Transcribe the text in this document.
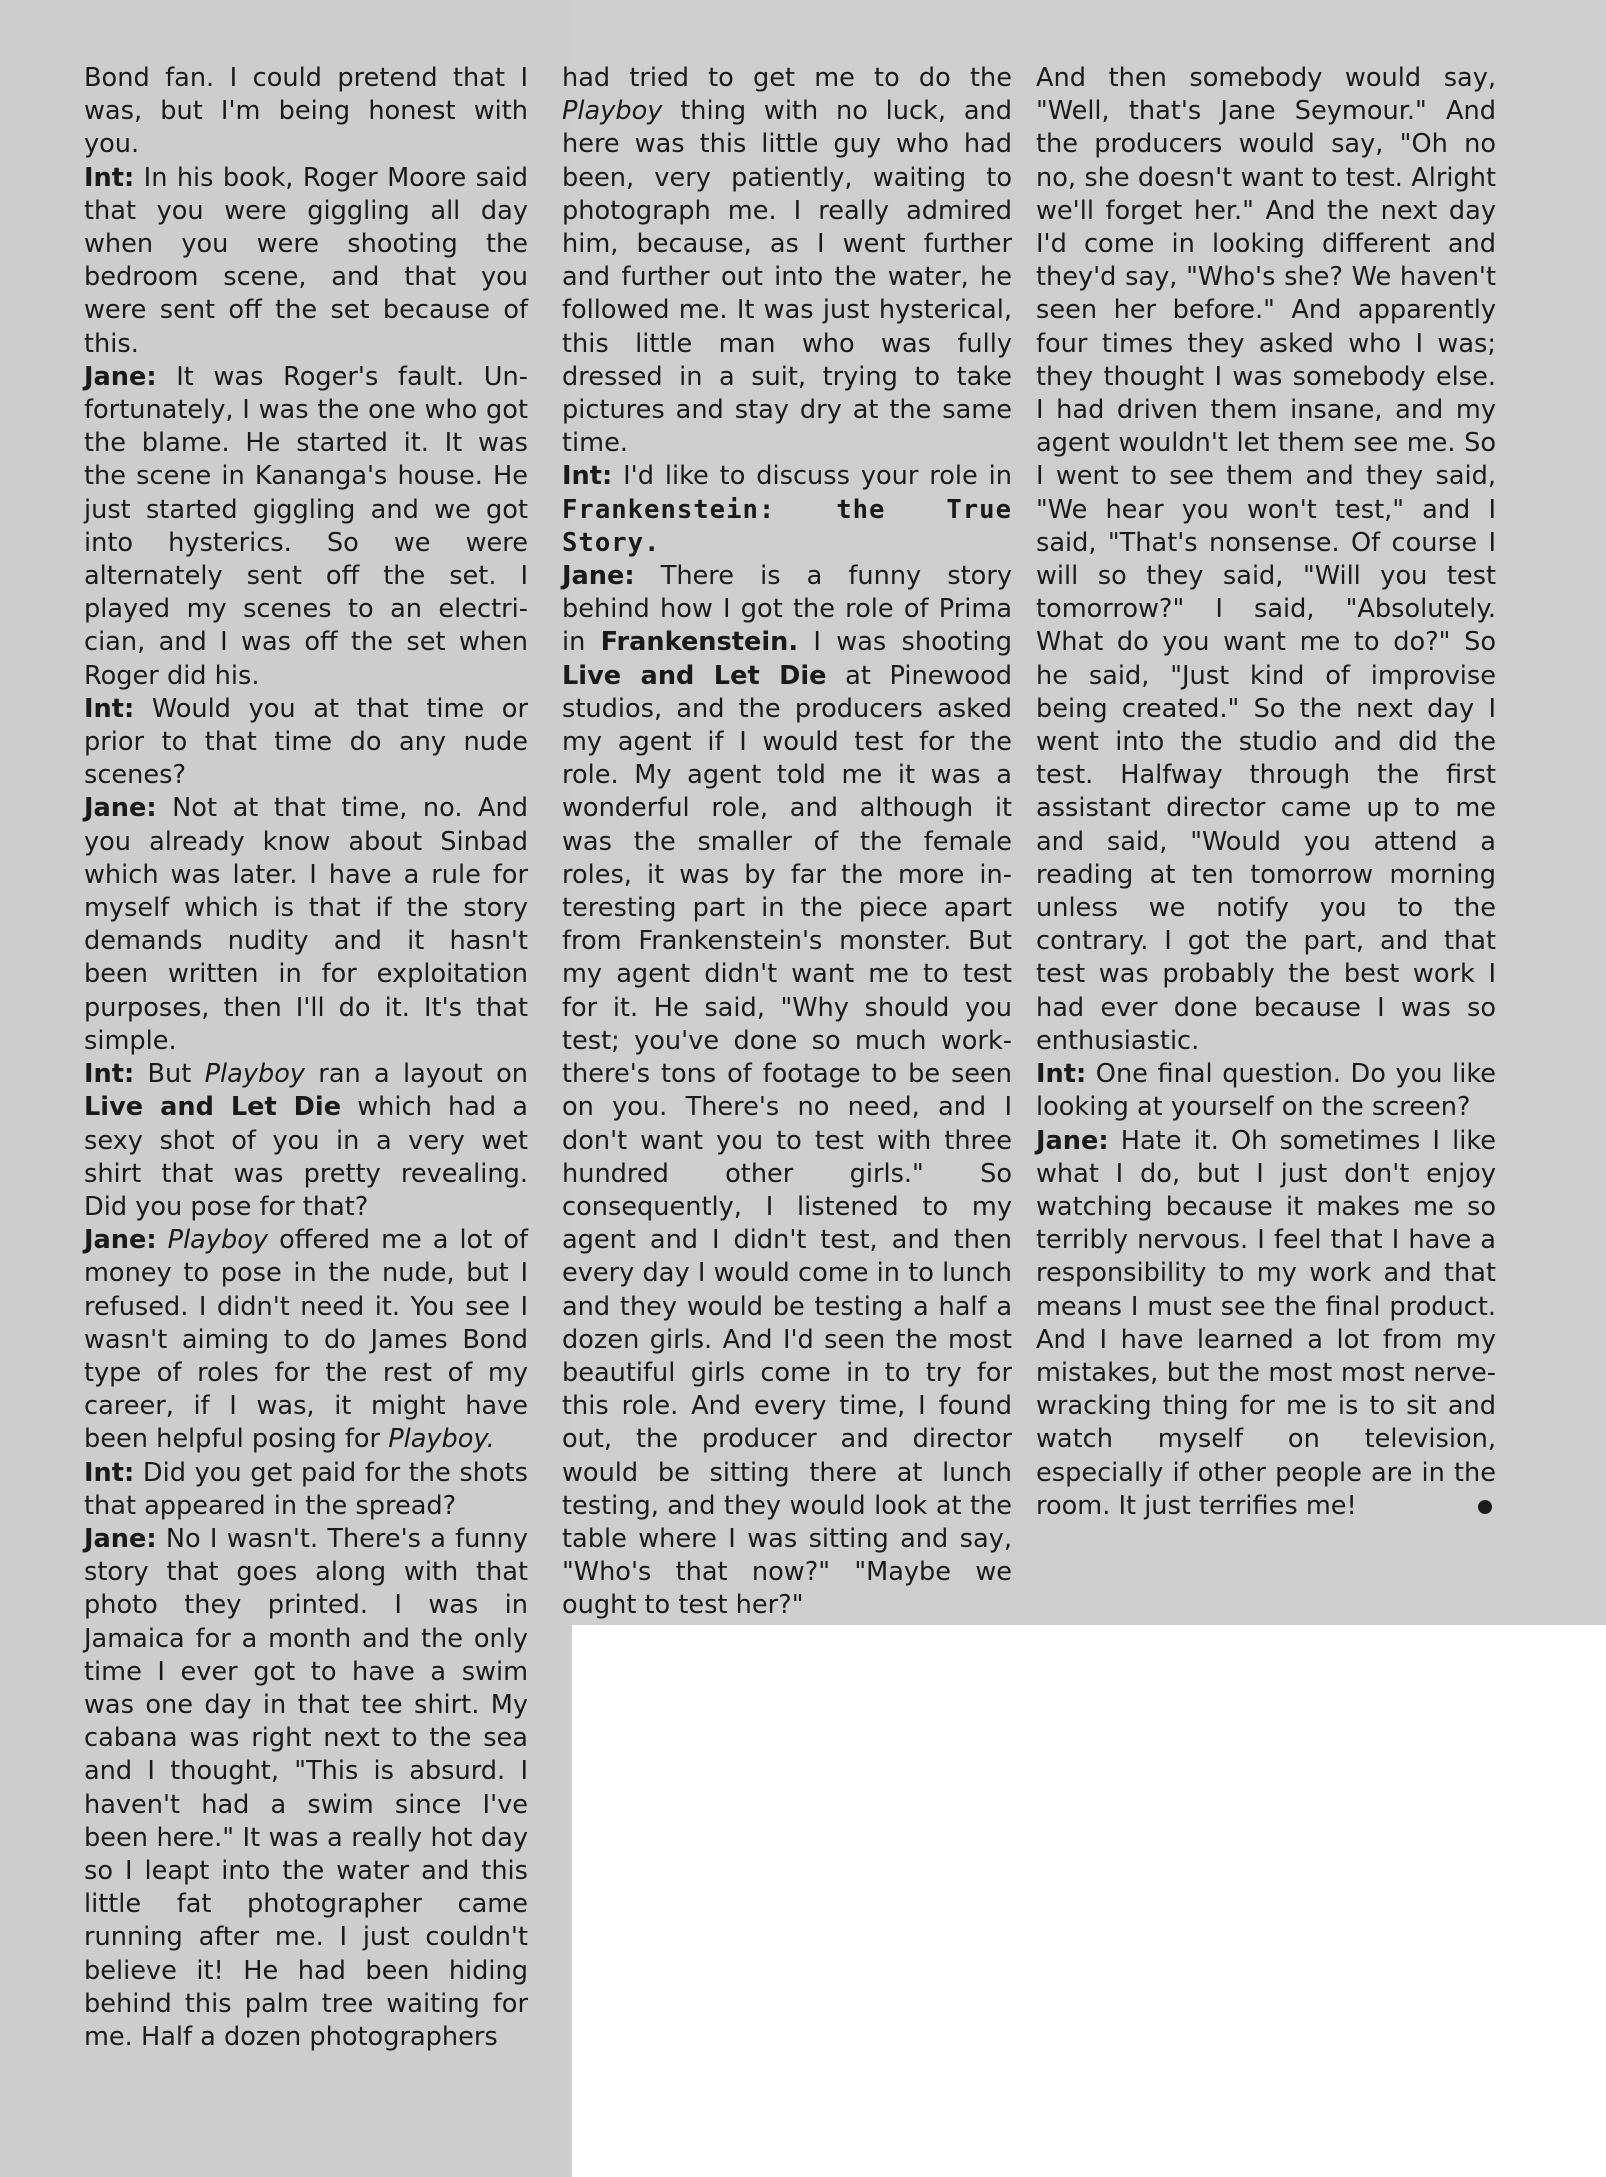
Bond fan. I could pretend that I was, but I'm being honest with you.

Int: In his book, Roger Moore said that you were giggling all day when you were shooting the bedroom scene, and that you were sent off the set because of this.

Jane: It was Roger's fault. Unfortunately, I was the one who got the blame. He started it. It was the scene in Kananga's house. He just started giggling and we got into hysterics. So we were alternately sent off the set. I played my scenes to an electrician, and I was off the set when Roger did his.

Int: Would you at that time or prior to that time do any nude scenes?

Jane: Not at that time, no. And you already know about Sinbad which was later. I have a rule for myself which is that if the story demands nudity and it hasn't been written in for exploitation purposes, then I'll do it. It's that simple.

Int: But Playboy ran a layout on Live and Let Die which had a sexy shot of you in a very wet shirt that was pretty revealing. Did you pose for that?

Jane: Playboy offered me a lot of money to pose in the nude, but I refused. I didn't need it. You see I wasn't aiming to do James Bond type of roles for the rest of my career, if I was, it might have been helpful posing for Playboy.

Int: Did you get paid for the shots that appeared in the spread?

Jane: No I wasn't. There's a funny story that goes along with that photo they printed. I was in Jamaica for a month and the only time I ever got to have a swim was one day in that tee shirt. My cabana was right next to the sea and I thought, "This is absurd. I haven't had a swim since I've been here." It was a really hot day so I leapt into the water and this little fat photographer came running after me. I just couldn't believe it! He had been hiding behind this palm tree waiting for me. Half a dozen photographers

had tried to get me to do the Playboy thing with no luck, and here was this little guy who had been, very patiently, waiting to photograph me. I really admired him, because, as I went further and further out into the water, he followed me. It was just hysterical, this little man who was fully dressed in a suit, trying to take pictures and stay dry at the same time.

Int: I'd like to discuss your role in Frankenstein: the True Story.

Jane: There is a funny story behind how I got the role of Prima in Frankenstein. I was shooting Live and Let Die at Pinewood studios, and the producers asked my agent if I would test for the role. My agent told me it was a wonderful role, and although it was the smaller of the female roles, it was by far the more interesting part in the piece apart from Frankenstein's monster. But my agent didn't want me to test for it. He said, "Why should you test; you've done so much work-there's tons of footage to be seen on you. There's no need, and I don't want you to test with three hundred other girls." So consequently, I listened to my agent and I didn't test, and then every day I would come in to lunch and they would be testing a half a dozen girls. And I'd seen the most beautiful girls come in to try for this role. And every time, I found out, the producer and director would be sitting there at lunch testing, and they would look at the table where I was sitting and say, "Who's that now?" "Maybe we ought to test her?"

And then somebody would say, "Well, that's Jane Seymour." And the producers would say, "Oh no no, she doesn't want to test. Alright we'll forget her." And the next day I'd come in looking different and they'd say, "Who's she? We haven't seen her before." And apparently four times they asked who I was; they thought I was somebody else. I had driven them insane, and my agent wouldn't let them see me. So I went to see them and they said, "We hear you won't test," and I said, "That's nonsense. Of course I will so they said, "Will you test tomorrow?" I said, "Absolutely. What do you want me to do?" So he said, "Just kind of improvise being created." So the next day I went into the studio and did the test. Halfway through the first assistant director came up to me and said, "Would you attend a reading at ten tomorrow morning unless we notify you to the contrary. I got the part, and that test was probably the best work I had ever done because I was so enthusiastic.

Int: One final question. Do you like looking at yourself on the screen?

Jane: Hate it. Oh sometimes I like what I do, but I just don't enjoy watching because it makes me so terribly nervous. I feel that I have a responsibility to my work and that means I must see the final product. And I have learned a lot from my mistakes, but the most most nerve-wracking thing for me is to sit and watch myself on television, especially if other people are in the room. It just terrifies me!
